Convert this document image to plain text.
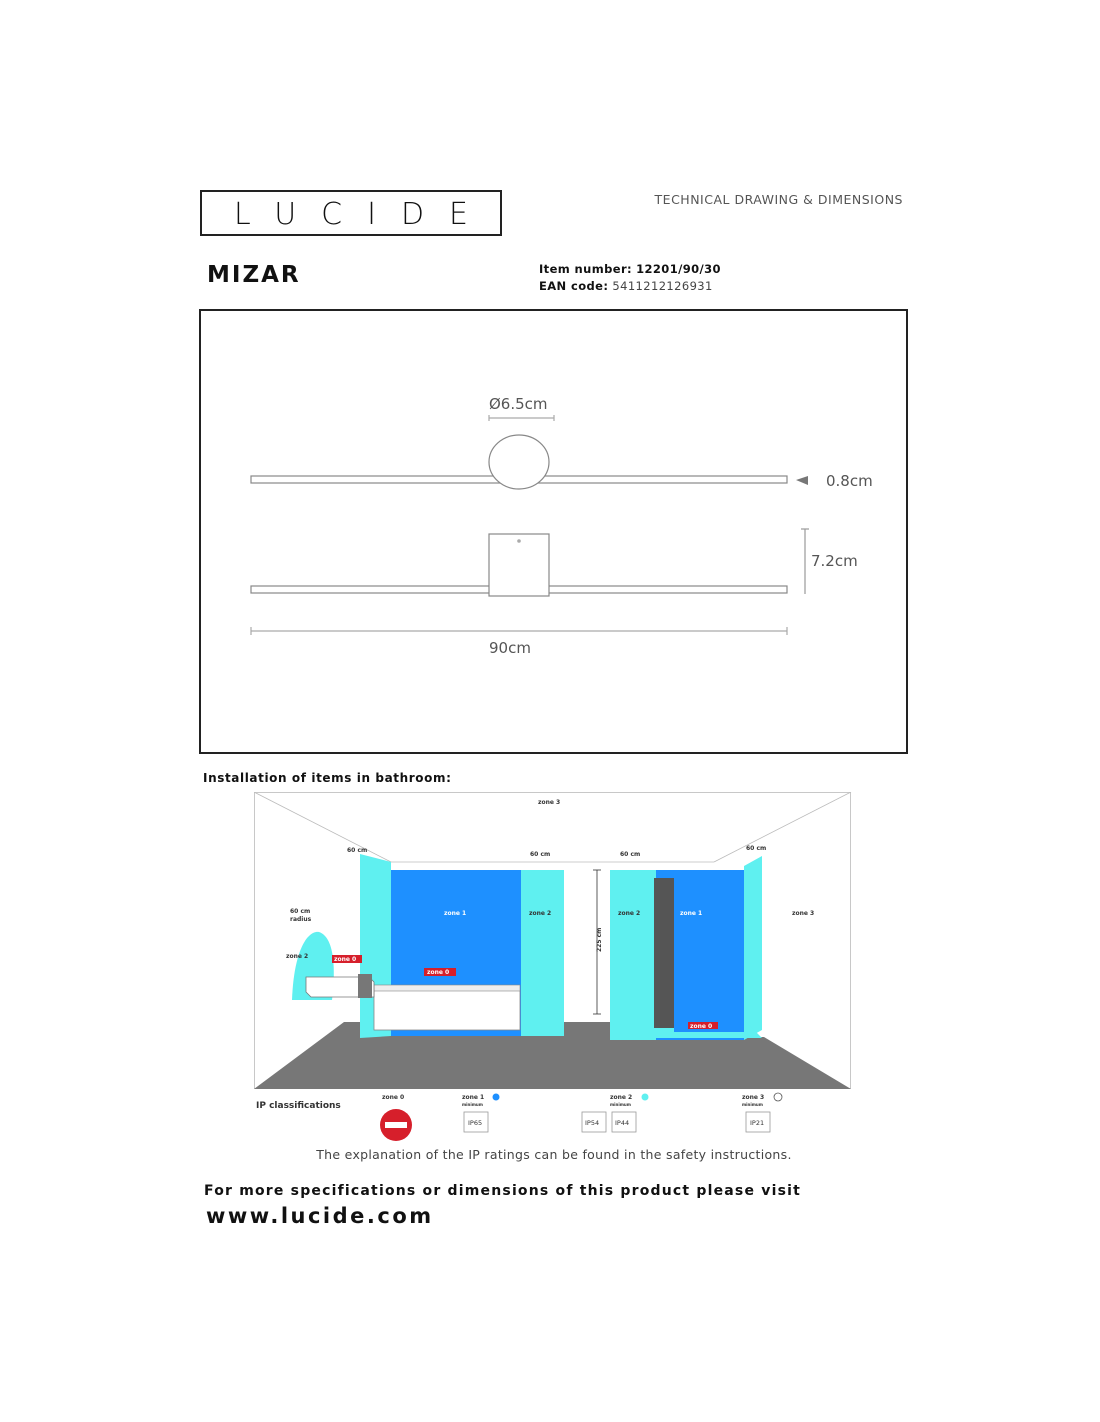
LUCIDE	TECHNICAL DRAWING & DIMENSIONS
MIZAR	Item number: 12201/90/30
EAN code: 5411212126931
Ø6.5cm
0.8cm
7.2cm
90cm
Installation of items in bathroom:
zone 3
zone 3
60 cm
60 cm	60 cm
60 cm
60 cm
radius
zone 2	zone 0
zone 0
zone 1	zone 2	zone 2	zone 1
zone 0
225 cm
IP classifications
zone 0	zone 1
minimum
IP65
zone 2
minimum
IP54 IP44
zone 3
minimum
IP21
The explanation of the IP ratings can be found in the safety instructions.
For more specifications or dimensions of this product please visit
www.lucide.com
